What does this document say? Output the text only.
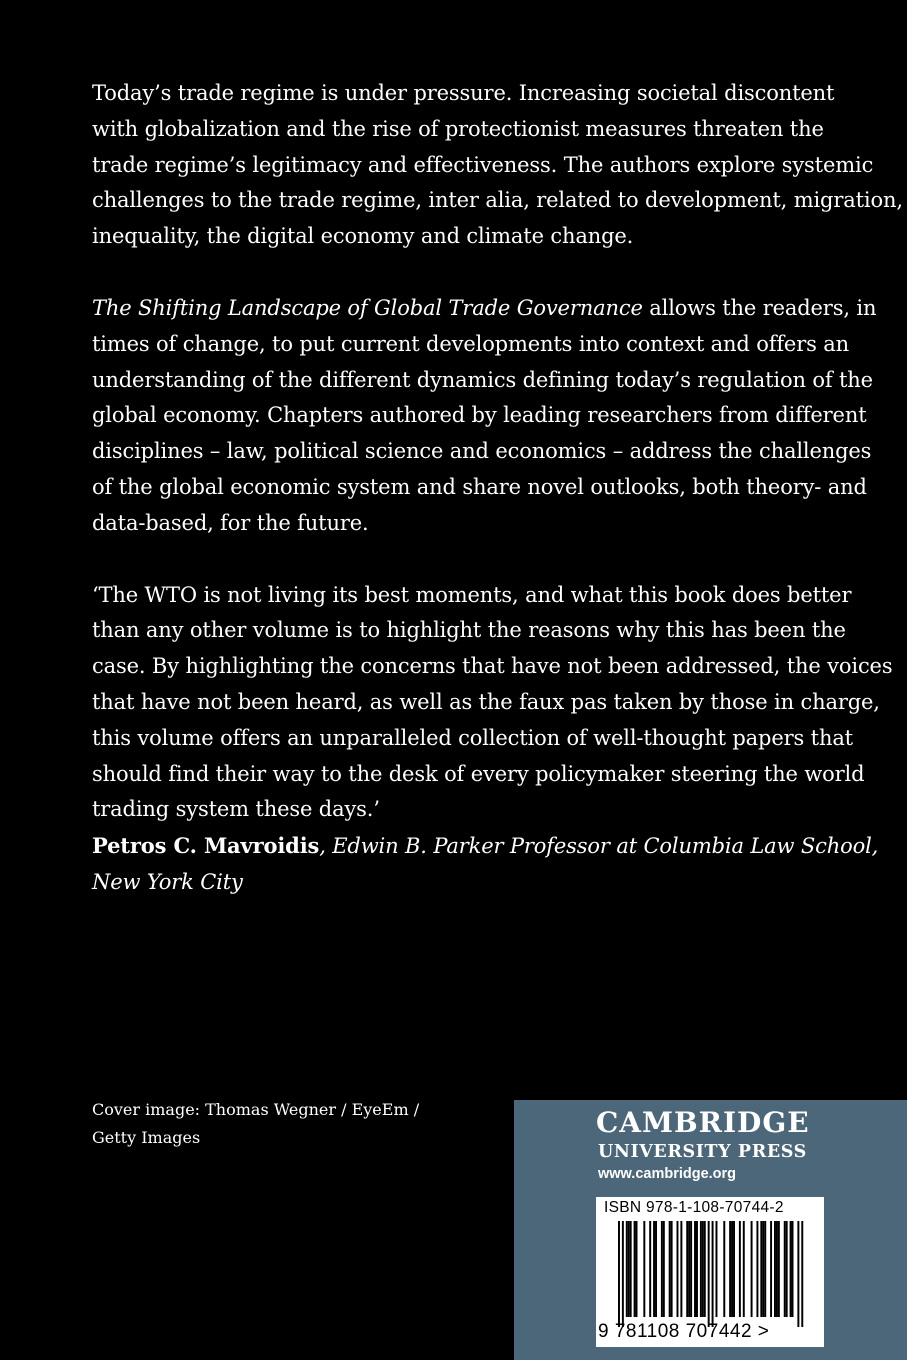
Today’s trade regime is under pressure. Increasing societal discontent
with globalization and the rise of protectionist measures threaten the
trade regime’s legitimacy and effectiveness. The authors explore systemic
challenges to the trade regime, inter alia, related to development, migration,
inequality, the digital economy and climate change.

The Shifting Landscape of Global Trade Governance allows the readers, in
times of change, to put current developments into context and offers an
understanding of the different dynamics defining today’s regulation of the
global economy. Chapters authored by leading researchers from different
disciplines – law, political science and economics – address the challenges
of the global economic system and share novel outlooks, both theory- and
data-based, for the future.

‘The WTO is not living its best moments, and what this book does better
than any other volume is to highlight the reasons why this has been the
case. By highlighting the concerns that have not been addressed, the voices
that have not been heard, as well as the faux pas taken by those in charge,
this volume offers an unparalleled collection of well-thought papers that
should find their way to the desk of every policymaker steering the world
trading system these days.’
Petros C. Mavroidis, Edwin B. Parker Professor at Columbia Law School,
New York City

Cover image: Thomas Wegner / EyeEm /
Getty Images	CAMBRIDGE
UNIVERSITY PRESS
www.cambridge.org
ISBN 978-1-108-70744-2
9 781108 707442 >
